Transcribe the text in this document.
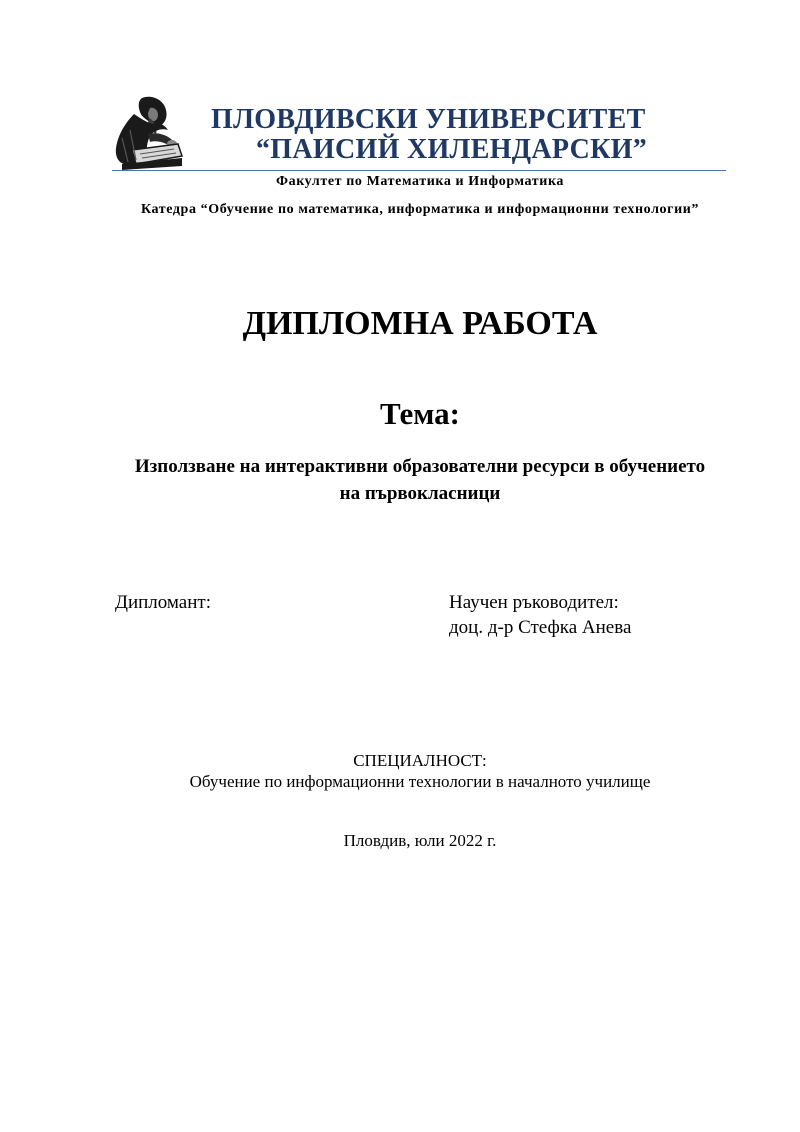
ПЛОВДИВСКИ УНИВЕРСИТЕТ
“ПАИСИЙ ХИЛЕНДАРСКИ”
Факултет по Математика и Информатика
Катедра “Обучение по математика, информатика и информационни технологии”
ДИПЛОМНА РАБОТА
Тема:
Използване на интерактивни образователни ресурси в обучението на първокласници
Дипломант:	Научен ръководител:
доц. д-р Стефка Анева
СПЕЦИАЛНОСТ:
Обучение по информационни технологии в началното училище
Пловдив, юли 2022 г.
